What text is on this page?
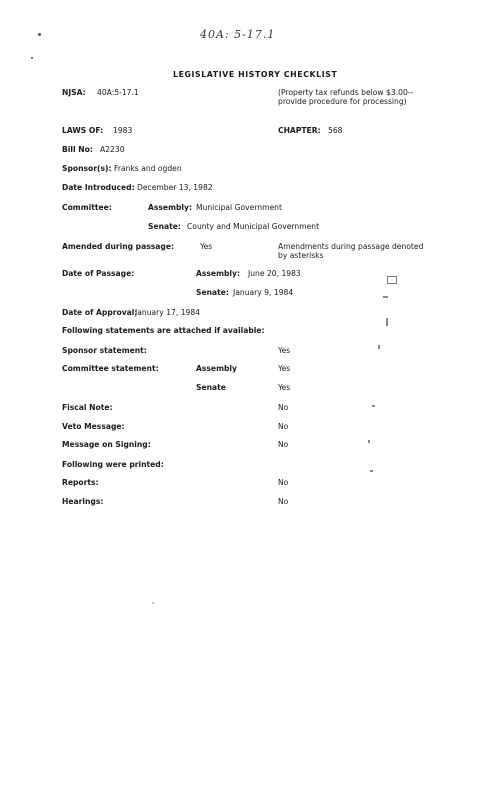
40A: 5-17.1
LEGISLATIVE HISTORY CHECKLIST
NJSA: 40A:5-17.1	(Property tax refunds below $3.00--provide procedure for processing)
LAWS OF: 1983	CHAPTER: 568
Bill No: A2230
Sponsor(s): Franks and ogden
Date Introduced: December 13, 1982
Committee:	Assembly: Municipal Government
Senate: County and Municipal Government
Amended during passage:	Yes	Amendments during passage denoted by asterisks
Date of Passage:	Assembly: June 20, 1983
Senate: January 9, 1984
Date of Approval:
January 17, 1984
Following statements are attached if available:
Sponsor statement:	Yes
Committee statement:	Assembly	Yes
Senate	Yes
Fiscal Note:	No
Veto Message:	No
Message on Signing:	No
Following were printed:
Reports:	No
Hearings:	No
